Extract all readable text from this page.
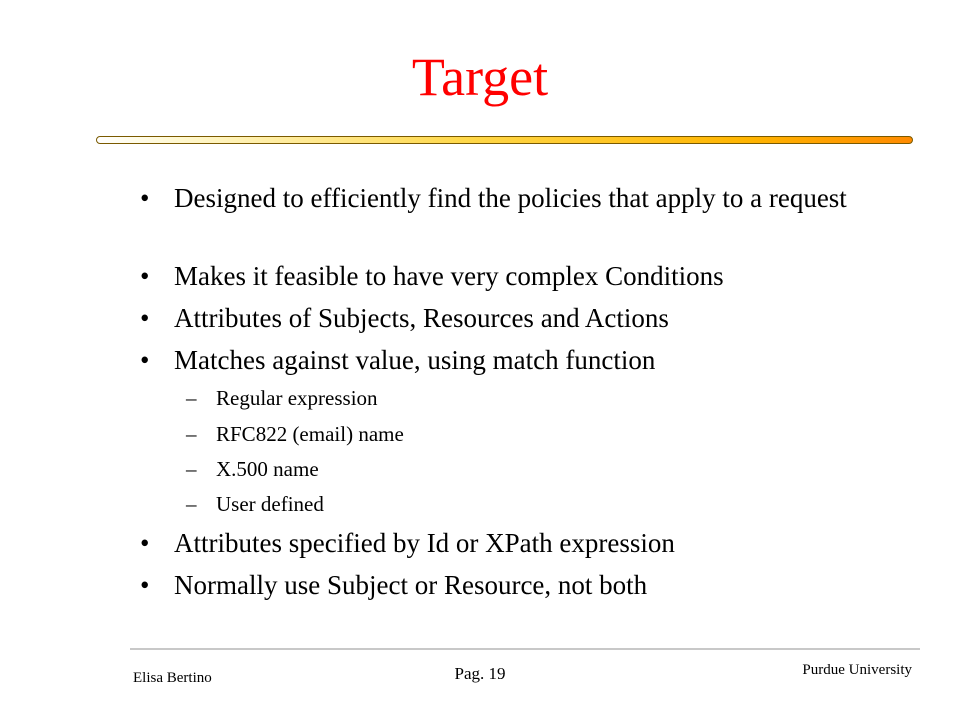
Target
• Designed to efficiently find the policies that apply to a request
• Makes it feasible to have very complex Conditions
• Attributes of Subjects, Resources and Actions
• Matches against value, using match function
– Regular expression
– RFC822 (email) name
– X.500 name
– User defined
• Attributes specified by Id or XPath expression
• Normally use Subject or Resource, not both
Elisa Bertino	Pag. 19	Purdue University
